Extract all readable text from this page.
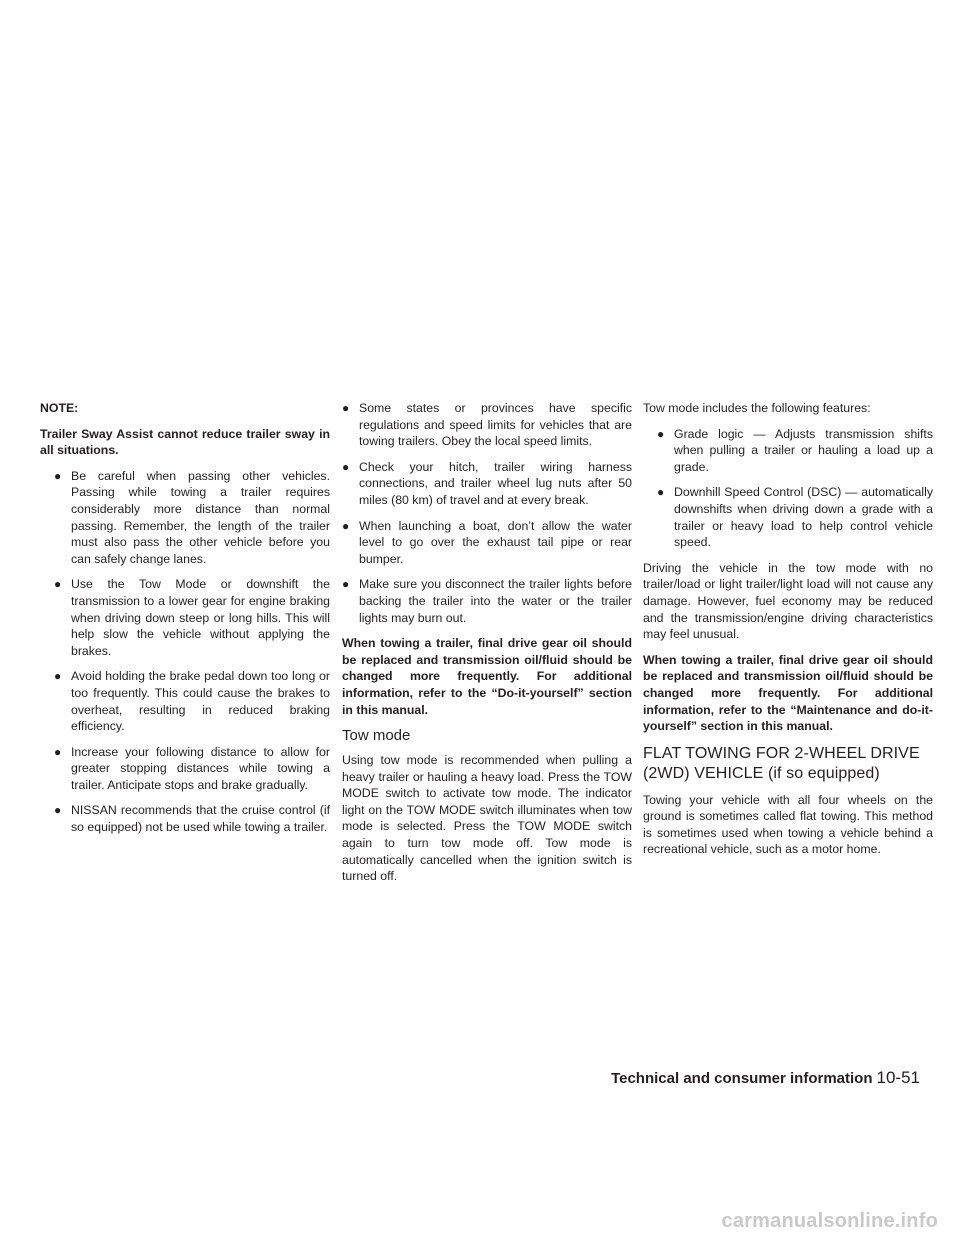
NOTE:

Trailer Sway Assist cannot reduce trailer sway in all situations.

● Be careful when passing other vehicles. Passing while towing a trailer requires considerably more distance than normal passing. Remember, the length of the trailer must also pass the other vehicle before you can safely change lanes.
● Use the Tow Mode or downshift the transmission to a lower gear for engine braking when driving down steep or long hills. This will help slow the vehicle without applying the brakes.
● Avoid holding the brake pedal down too long or too frequently. This could cause the brakes to overheat, resulting in reduced braking efficiency.
● Increase your following distance to allow for greater stopping distances while towing a trailer. Anticipate stops and brake gradually.
● NISSAN recommends that the cruise control (if so equipped) not be used while towing a trailer.
● Some states or provinces have specific regulations and speed limits for vehicles that are towing trailers. Obey the local speed limits.
● Check your hitch, trailer wiring harness connections, and trailer wheel lug nuts after 50 miles (80 km) of travel and at every break.
● When launching a boat, don’t allow the water level to go over the exhaust tail pipe or rear bumper.
● Make sure you disconnect the trailer lights before backing the trailer into the water or the trailer lights may burn out.

When towing a trailer, final drive gear oil should be replaced and transmission oil/fluid should be changed more frequently. For additional information, refer to the “Do-it-yourself” section in this manual.

Tow mode

Using tow mode is recommended when pulling a heavy trailer or hauling a heavy load. Press the TOW MODE switch to activate tow mode. The indicator light on the TOW MODE switch illuminates when tow mode is selected. Press the TOW MODE switch again to turn tow mode off. Tow mode is automatically cancelled when the ignition switch is turned off.

Tow mode includes the following features:

● Grade logic — Adjusts transmission shifts when pulling a trailer or hauling a load up a grade.
● Downhill Speed Control (DSC) — automatically downshifts when driving down a grade with a trailer or heavy load to help control vehicle speed.

Driving the vehicle in the tow mode with no trailer/load or light trailer/light load will not cause any damage. However, fuel economy may be reduced and the transmission/engine driving characteristics may feel unusual.

When towing a trailer, final drive gear oil should be replaced and transmission oil/fluid should be changed more frequently. For additional information, refer to the “Maintenance and do-it-yourself” section in this manual.

FLAT TOWING FOR 2-WHEEL DRIVE (2WD) VEHICLE (if so equipped)

Towing your vehicle with all four wheels on the ground is sometimes called flat towing. This method is sometimes used when towing a vehicle behind a recreational vehicle, such as a motor home.

Technical and consumer information 10-51
carmanualsonline.info
